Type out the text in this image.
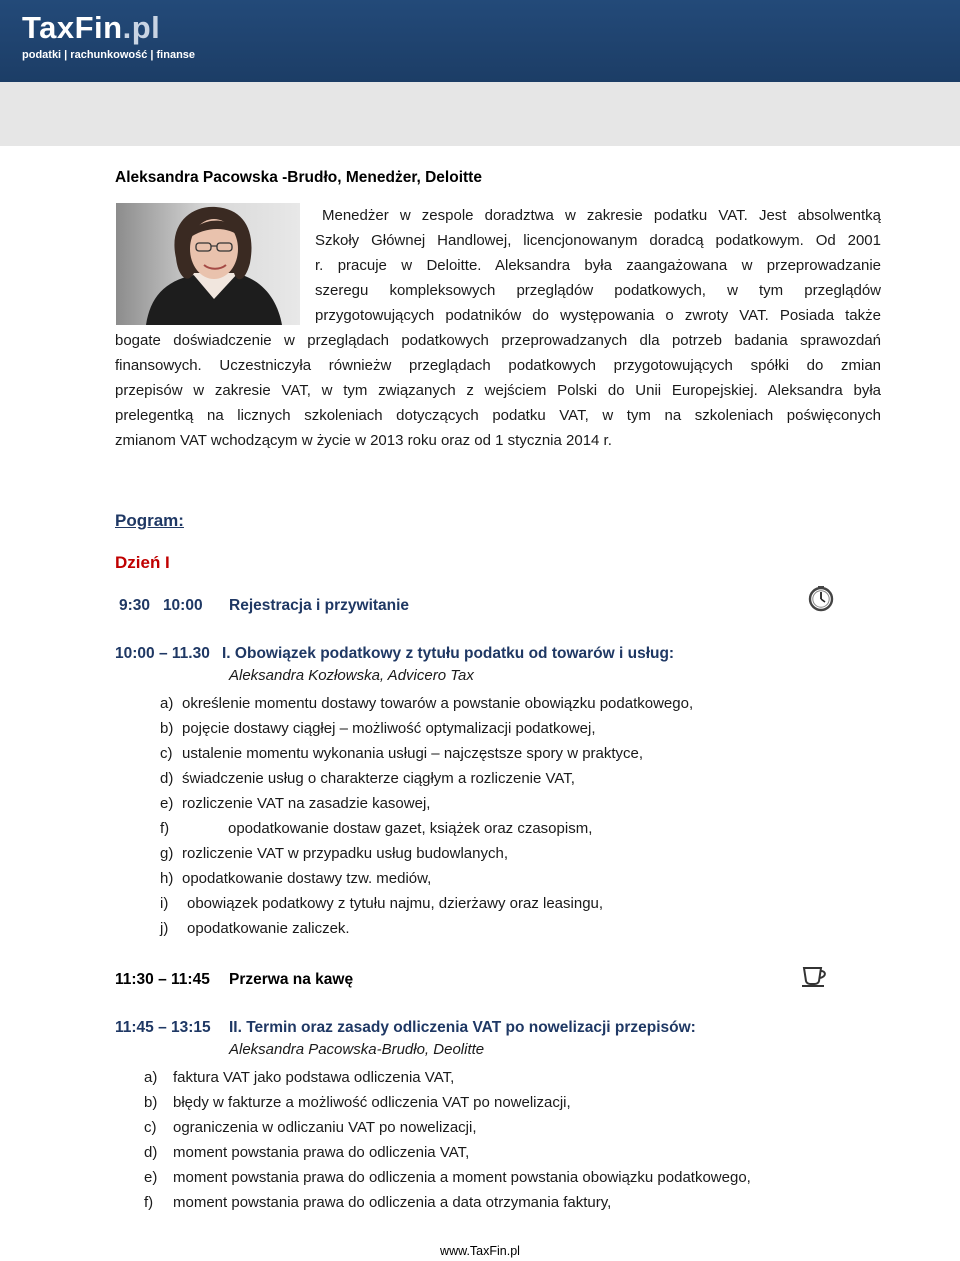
TaxFin.pl
podatki | rachunkowość | finanse
Aleksandra Pacowska -Brudło, Menedżer, Deloitte
Menedżer w zespole doradztwa w zakresie podatku VAT. Jest absolwentką
Szkoły Głównej Handlowej, licencjonowanym doradcą podatkowym. Od 2001
r. pracuje w Deloitte. Aleksandra była zaangażowana w przeprowadzanie
szeregu kompleksowych przeglądów podatkowych, w tym przeglądów
przygotowujących podatników do występowania o zwroty VAT. Posiada także
bogate doświadczenie w przeglądach podatkowych przeprowadzanych dla potrzeb badania sprawozdań
finansowych. Uczestniczyła równieżw przeglądach podatkowych przygotowujących spółki do zmian
przepisów w zakresie VAT, w tym związanych z wejściem Polski do Unii Europejskiej. Aleksandra była
prelegentką na licznych szkoleniach dotyczących podatku VAT, w tym na szkoleniach poświęconych
zmianom VAT wchodzącym w życie w 2013 roku oraz od 1 stycznia 2014 r.
Pogram:
Dzień I
9:30   10:00 Rejestracja i przywitanie
10:00 – 11.30 I. Obowiązek podatkowy z tytułu podatku od towarów i usług:
Aleksandra Kozłowska, Advicero Tax
a) określenie momentu dostawy towarów a powstanie obowiązku podatkowego,
b) pojęcie dostawy ciągłej – możliwość optymalizacji podatkowej,
c) ustalenie momentu wykonania usługi – najczęstsze spory w praktyce,
d) świadczenie usług o charakterze ciągłym a rozliczenie VAT,
e) rozliczenie VAT na zasadzie kasowej,
f)	opodatkowanie dostaw gazet, książek oraz czasopism,
g) rozliczenie VAT w przypadku usług budowlanych,
h) opodatkowanie dostawy tzw. mediów,
i) obowiązek podatkowy z tytułu najmu, dzierżawy oraz leasingu,
j) opodatkowanie zaliczek.
11:30 – 11:45 Przerwa na kawę
11:45 – 13:15 II. Termin oraz zasady odliczenia VAT po nowelizacji przepisów:
Aleksandra Pacowska-Brudło, Deolitte
a) faktura VAT jako podstawa odliczenia VAT,
b) błędy w fakturze a możliwość odliczenia VAT po nowelizacji,
c) ograniczenia w odliczaniu VAT po nowelizacji,
d) moment powstania prawa do odliczenia VAT,
e) moment powstania prawa do odliczenia a moment powstania obowiązku podatkowego,
f) moment powstania prawa do odliczenia a data otrzymania faktury,
www.TaxFin.pl
